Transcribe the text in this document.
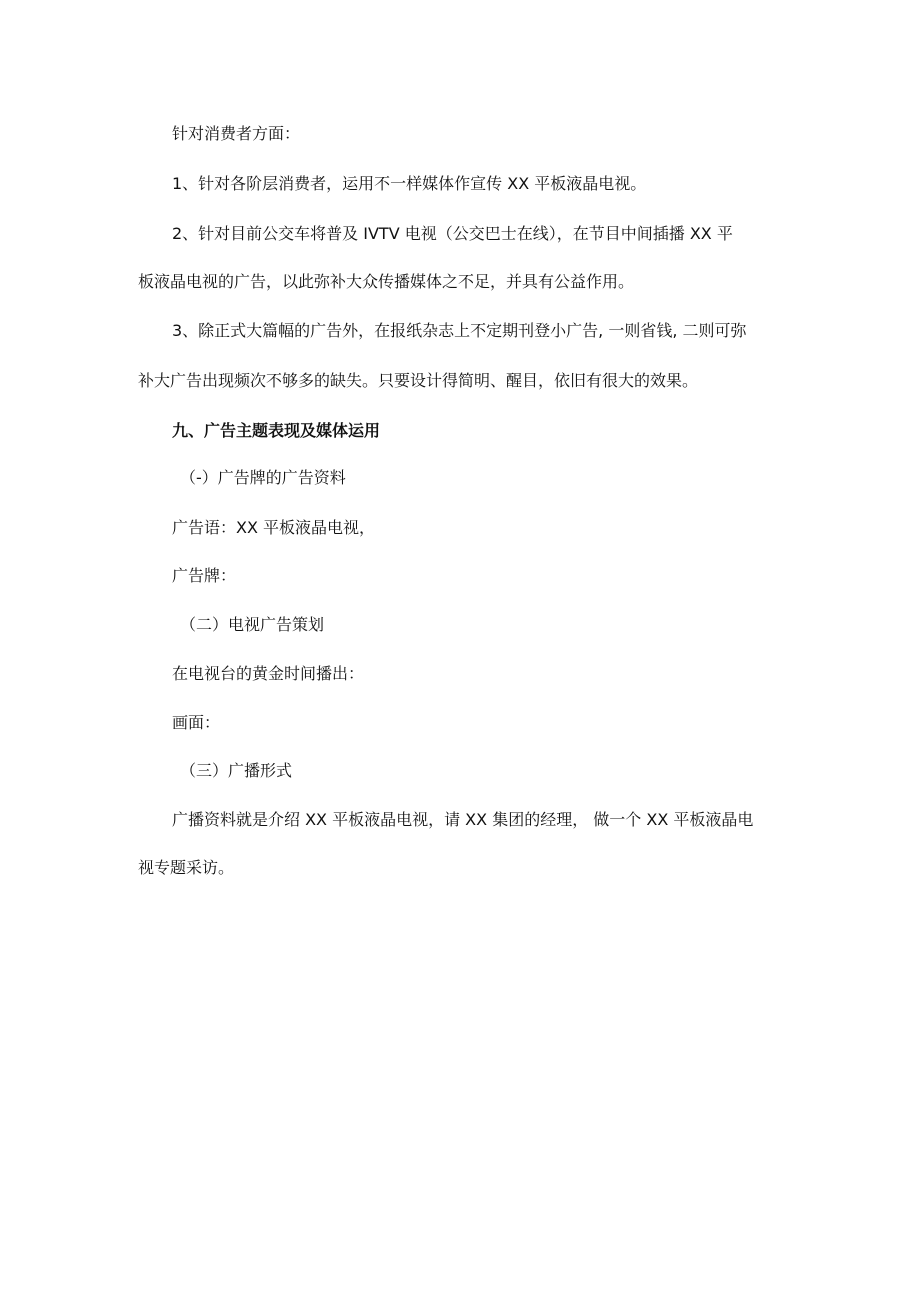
针对消费者方面：
1、针对各阶层消费者，运用不一样媒体作宣传 XX 平板液晶电视。
2、针对目前公交车将普及 IVTV 电视（公交巴士在线），在节目中间插播 XX 平
板液晶电视的广告，以此弥补大众传播媒体之不足，并具有公益作用。
3、除正式大篇幅的广告外，在报纸杂志上不定期刊登小广告, 一则省钱, 二则可弥
补大广告出现频次不够多的缺失。只要设计得简明、醒目，依旧有很大的效果。
九、广告主题表现及媒体运用
（-）广告牌的广告资料
广告语：XX 平板液晶电视，
广告牌：
（二）电视广告策划
在电视台的黄金时间播出：
画面：
（三）广播形式
广播资料就是介绍 XX 平板液晶电视，请 XX 集团的经理， 做一个 XX 平板液晶电
视专题采访。
